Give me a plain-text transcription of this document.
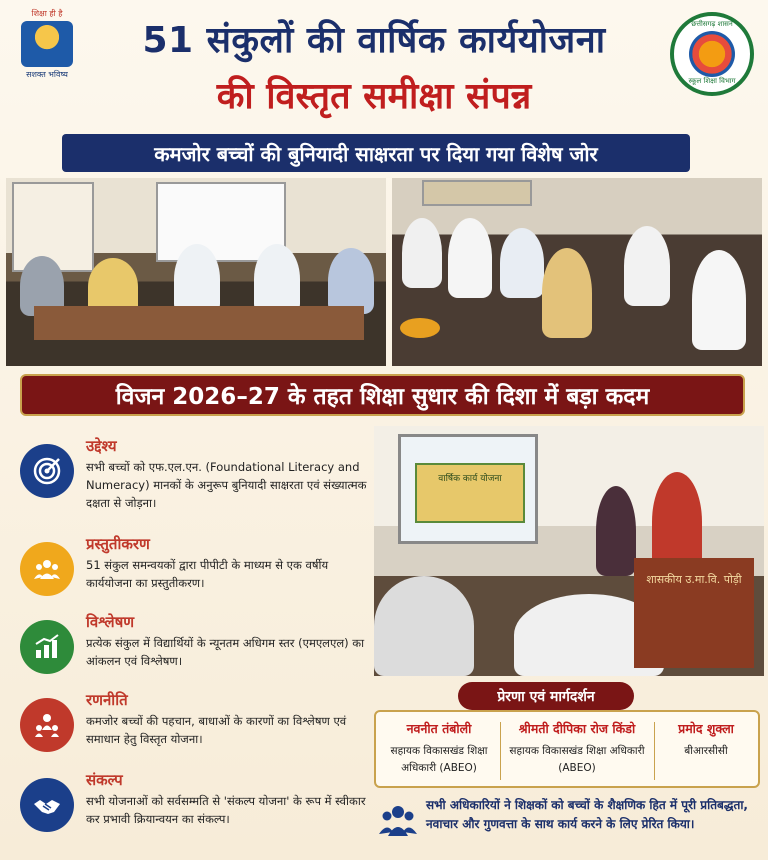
शिक्षा ही है
सशक्त भविष्य
छत्तीसगढ़ शासन
स्कूल शिक्षा विभाग
51 संकुलों की वार्षिक कार्ययोजना
की विस्तृत समीक्षा संपन्न
कमजोर बच्चों की बुनियादी साक्षरता पर दिया गया विशेष जोर
विजन 2026–27 के तहत शिक्षा सुधार की दिशा में बड़ा कदम
उद्देश्य
सभी बच्चों को एफ.एल.एन. (Foundational Literacy and Numeracy) मानकों के अनुरूप बुनियादी साक्षरता एवं संख्यात्मक दक्षता से जोड़ना।
प्रस्तुतीकरण
51 संकुल समन्वयकों द्वारा पीपीटी के माध्यम से एक वर्षीय कार्ययोजना का प्रस्तुतीकरण।
विश्लेषण
प्रत्येक संकुल में विद्यार्थियों के न्यूनतम अधिगम स्तर (एमएलएल) का आंकलन एवं विश्लेषण।
रणनीति
कमजोर बच्चों की पहचान, बाधाओं के कारणों का विश्लेषण एवं समाधान हेतु विस्तृत योजना।
संकल्प
सभी योजनाओं को सर्वसम्मति से 'संकल्प योजना' के रूप में स्वीकार कर प्रभावी क्रियान्वयन का संकल्प।
वार्षिक कार्य योजना
शासकीय उ.मा.वि. पोड़ी
प्रेरणा एवं मार्गदर्शन
नवनीत तंबोली
सहायक विकासखंड शिक्षा अधिकारी (ABEO)
श्रीमती दीपिका रोज किंडो
सहायक विकासखंड शिक्षा अधिकारी (ABEO)
प्रमोद शुक्ला
बीआरसीसी
सभी अधिकारियों ने शिक्षकों को बच्चों के शैक्षणिक हित में पूरी प्रतिबद्धता, नवाचार और गुणवत्ता के साथ कार्य करने के लिए प्रेरित किया।
